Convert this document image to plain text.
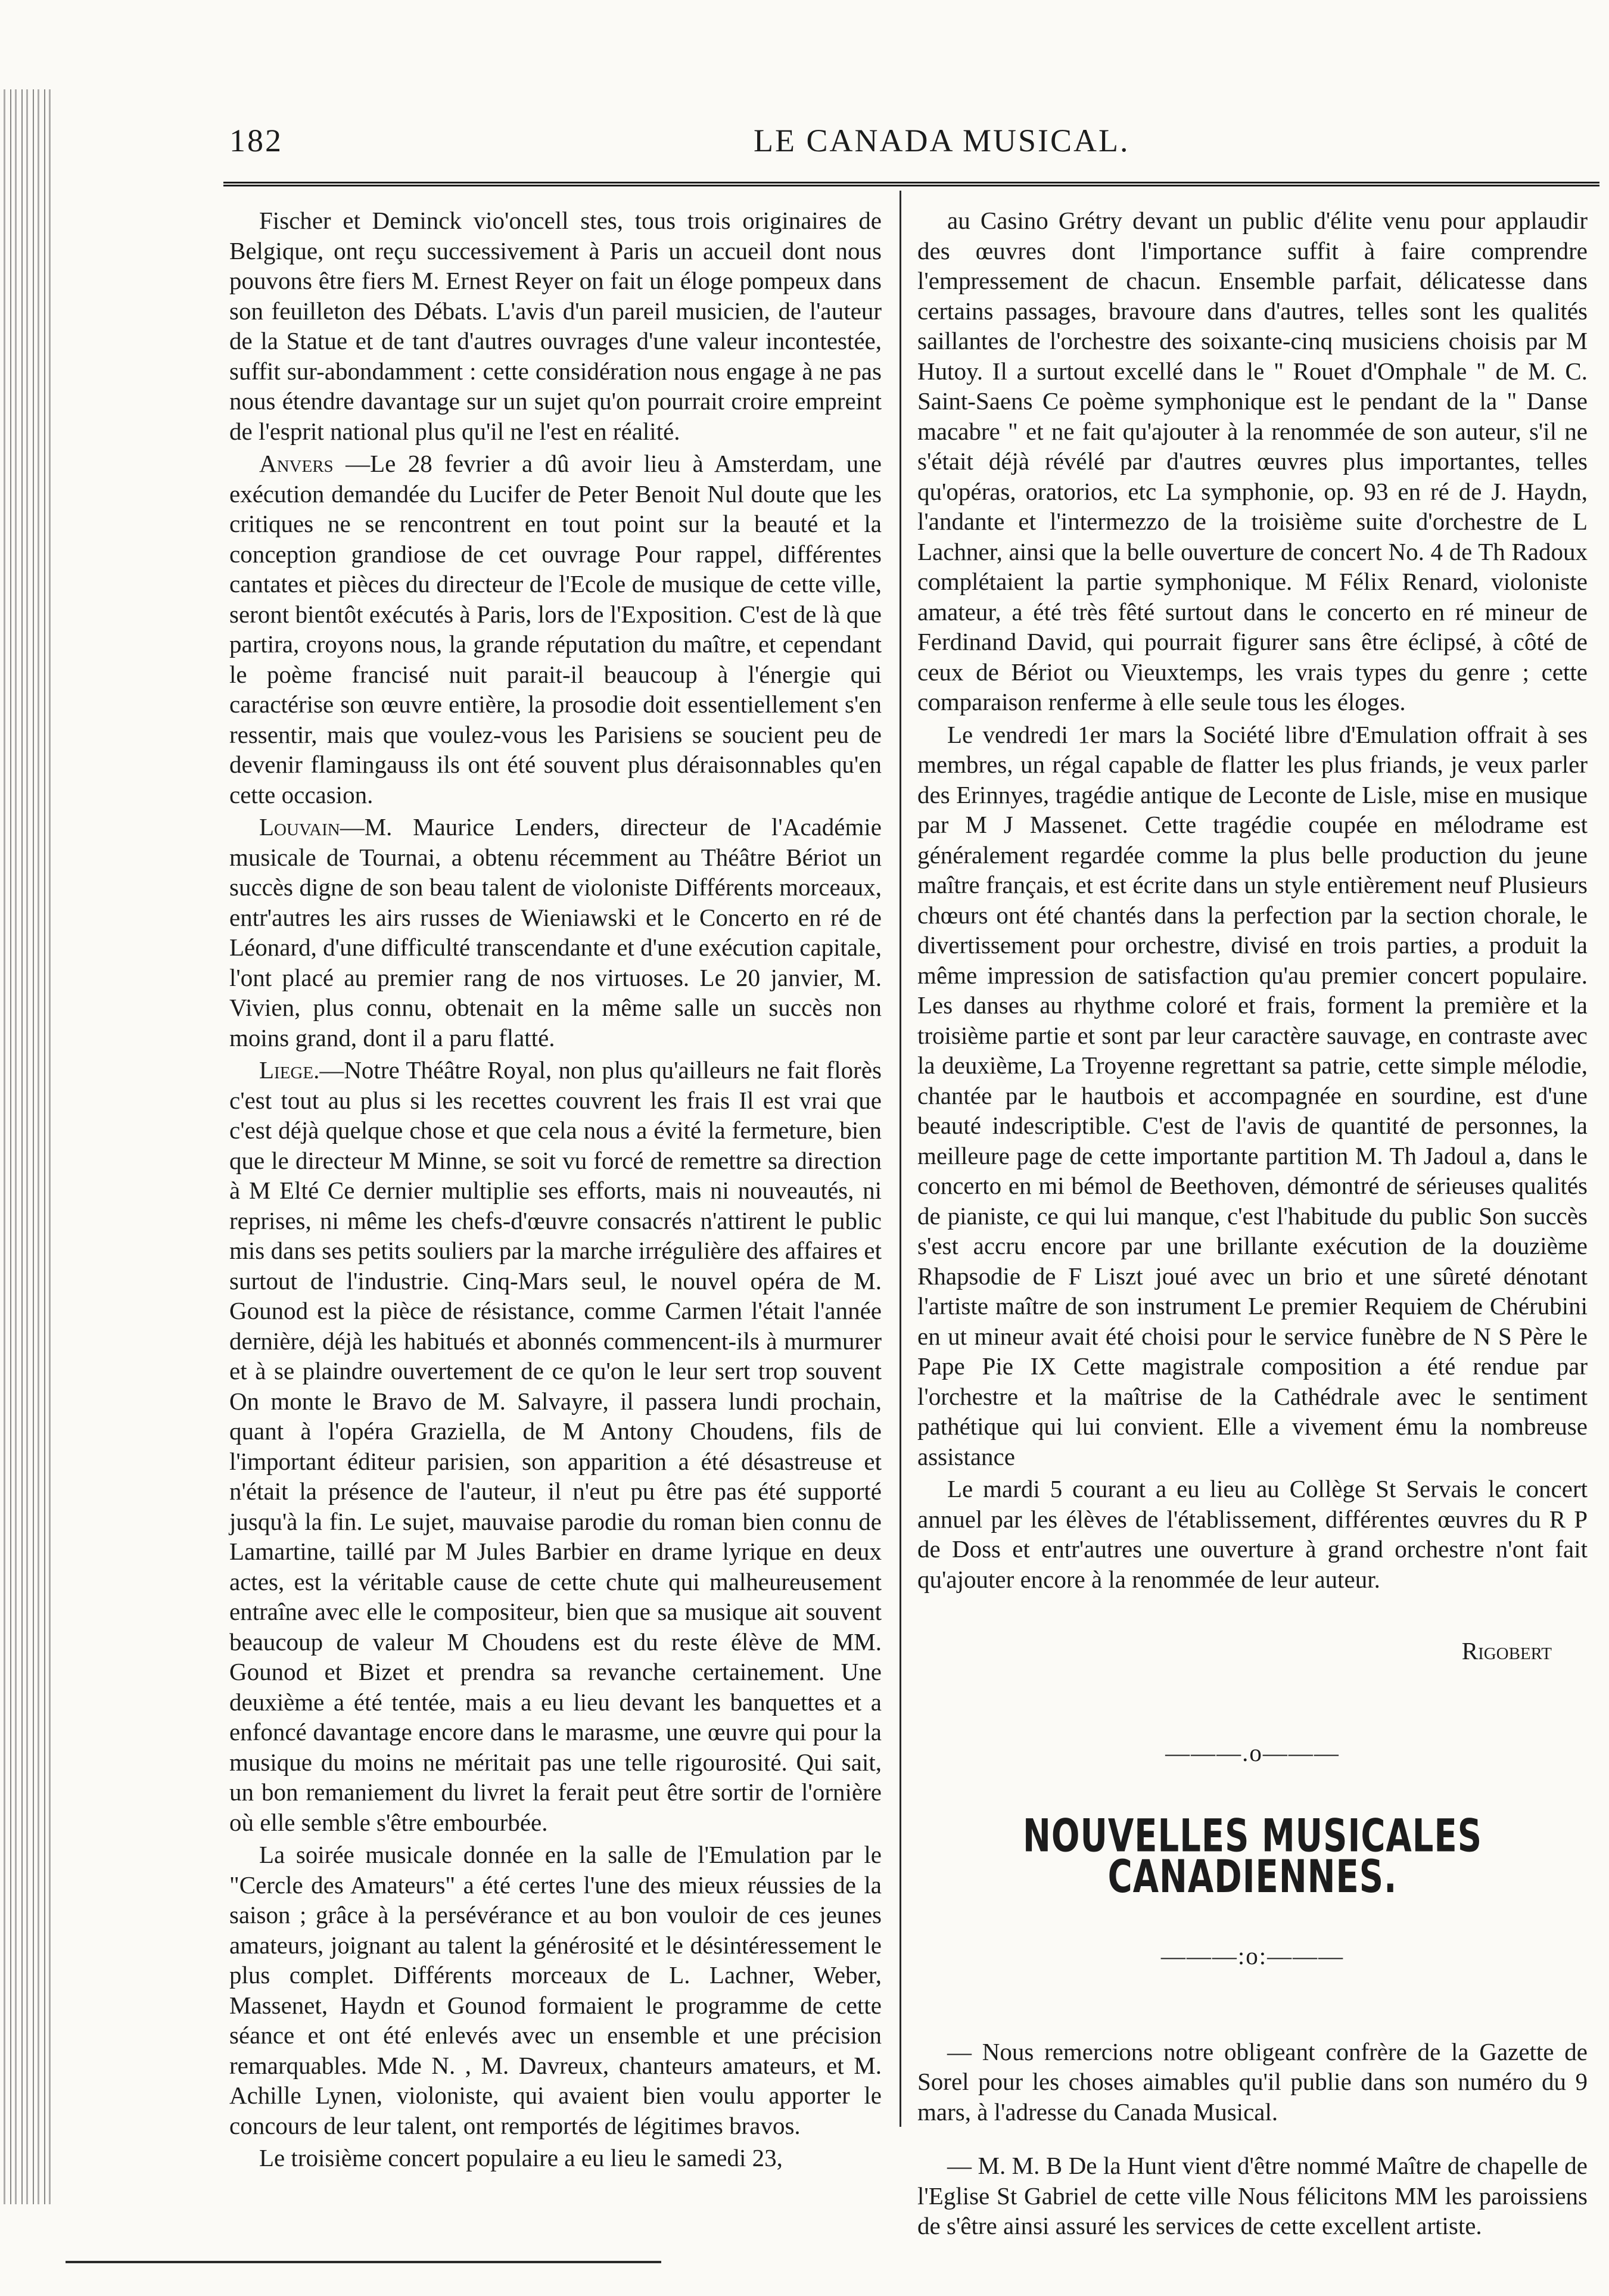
182	LE CANADA MUSICAL.

Fischer et Deminck vio'oncell stes, tous trois originaires de Belgique, ont reçu successivement à Paris un accueil dont nous pouvons être fiers M. Ernest Reyer on fait un éloge pompeux dans son feuilleton des Débats. L'avis d'un pareil musicien, de l'auteur de la Statue et de tant d'autres ouvrages d'une valeur incontestée, suffit sur-abondamment : cette considération nous engage à ne pas nous étendre davantage sur un sujet qu'on pourrait croire empreint de l'esprit national plus qu'il ne l'est en réalité.

Anvers —Le 28 fevrier a dû avoir lieu à Amsterdam, une exécution demandée du Lucifer de Peter Benoit Nul doute que les critiques ne se rencontrent en tout point sur la beauté et la conception grandiose de cet ouvrage Pour rappel, différentes cantates et pièces du directeur de l'Ecole de musique de cette ville, seront bientôt exécutés à Paris, lors de l'Exposition. C'est de là que partira, croyons nous, la grande réputation du maître, et cependant le poème francisé nuit parait-il beaucoup à l'énergie qui caractérise son œuvre entière, la prosodie doit essentiellement s'en ressentir, mais que voulez-vous les Parisiens se soucient peu de devenir flamingauss ils ont été souvent plus déraisonnables qu'en cette occasion.

Louvain—M. Maurice Lenders, directeur de l'Académie musicale de Tournai, a obtenu récemment au Théâtre Bériot un succès digne de son beau talent de violoniste Différents morceaux, entr'autres les airs russes de Wieniawski et le Concerto en ré de Léonard, d'une difficulté transcendante et d'une exécution capitale, l'ont placé au premier rang de nos virtuoses. Le 20 janvier, M. Vivien, plus connu, obtenait en la même salle un succès non moins grand, dont il a paru flatté.

Liege.—Notre Théâtre Royal, non plus qu'ailleurs ne fait florès c'est tout au plus si les recettes couvrent les frais Il est vrai que c'est déjà quelque chose et que cela nous a évité la fermeture, bien que le directeur M Minne, se soit vu forcé de remettre sa direction à M Elté Ce dernier multiplie ses efforts, mais ni nouveautés, ni reprises, ni même les chefs-d'œuvre consacrés n'attirent le public mis dans ses petits souliers par la marche irrégulière des affaires et surtout de l'industrie. Cinq-Mars seul, le nouvel opéra de M. Gounod est la pièce de résistance, comme Carmen l'était l'année dernière, déjà les habitués et abonnés commencent-ils à murmurer et à se plaindre ouvertement de ce qu'on le leur sert trop souvent On monte le Bravo de M. Salvayre, il passera lundi prochain, quant à l'opéra Graziella, de M Antony Choudens, fils de l'important éditeur parisien, son apparition a été désastreuse et n'était la présence de l'auteur, il n'eut pu être pas été supporté jusqu'à la fin. Le sujet, mauvaise parodie du roman bien connu de Lamartine, taillé par M Jules Barbier en drame lyrique en deux actes, est la véritable cause de cette chute qui malheureusement entraîne avec elle le compositeur, bien que sa musique ait souvent beaucoup de valeur M Choudens est du reste élève de MM. Gounod et Bizet et prendra sa revanche certainement. Une deuxième a été tentée, mais a eu lieu devant les banquettes et a enfoncé davantage encore dans le marasme, une œuvre qui pour la musique du moins ne méritait pas une telle rigourosité. Qui sait, un bon remaniement du livret la ferait peut être sortir de l'ornière où elle semble s'être embourbée.

La soirée musicale donnée en la salle de l'Emulation par le "Cercle des Amateurs" a été certes l'une des mieux réussies de la saison ; grâce à la persévérance et au bon vouloir de ces jeunes amateurs, joignant au talent la générosité et le désintéressement le plus complet. Différents morceaux de L. Lachner, Weber, Massenet, Haydn et Gounod formaient le programme de cette séance et ont été enlevés avec un ensemble et une précision remarquables. Mde N. , M. Davreux, chanteurs amateurs, et M. Achille Lynen, violoniste, qui avaient bien voulu apporter le concours de leur talent, ont remportés de légitimes bravos.

Le troisième concert populaire a eu lieu le samedi 23,

au Casino Grétry devant un public d'élite venu pour applaudir des œuvres dont l'importance suffit à faire comprendre l'empressement de chacun. Ensemble parfait, délicatesse dans certains passages, bravoure dans d'autres, telles sont les qualités saillantes de l'orchestre des soixante-cinq musiciens choisis par M Hutoy. Il a surtout excellé dans le " Rouet d'Omphale " de M. C. Saint-Saens Ce poème symphonique est le pendant de la " Danse macabre " et ne fait qu'ajouter à la renommée de son auteur, s'il ne s'était déjà révélé par d'autres œuvres plus importantes, telles qu'opéras, oratorios, etc La symphonie, op. 93 en ré de J. Haydn, l'andante et l'intermezzo de la troisième suite d'orchestre de L Lachner, ainsi que la belle ouverture de concert No. 4 de Th Radoux complétaient la partie symphonique. M Félix Renard, violoniste amateur, a été très fêté surtout dans le concerto en ré mineur de Ferdinand David, qui pourrait figurer sans être éclipsé, à côté de ceux de Bériot ou Vieuxtemps, les vrais types du genre ; cette comparaison renferme à elle seule tous les éloges.

Le vendredi 1er mars la Société libre d'Emulation offrait à ses membres, un régal capable de flatter les plus friands, je veux parler des Erinnyes, tragédie antique de Leconte de Lisle, mise en musique par M J Massenet. Cette tragédie coupée en mélodrame est généralement regardée comme la plus belle production du jeune maître français, et est écrite dans un style entièrement neuf Plusieurs chœurs ont été chantés dans la perfection par la section chorale, le divertissement pour orchestre, divisé en trois parties, a produit la même impression de satisfaction qu'au premier concert populaire. Les danses au rhythme coloré et frais, forment la première et la troisième partie et sont par leur caractère sauvage, en contraste avec la deuxième, La Troyenne regrettant sa patrie, cette simple mélodie, chantée par le hautbois et accompagnée en sourdine, est d'une beauté indescriptible. C'est de l'avis de quantité de personnes, la meilleure page de cette importante partition M. Th Jadoul a, dans le concerto en mi bémol de Beethoven, démontré de sérieuses qualités de pianiste, ce qui lui manque, c'est l'habitude du public Son succès s'est accru encore par une brillante exécution de la douzième Rhapsodie de F Liszt joué avec un brio et une sûreté dénotant l'artiste maître de son instrument Le premier Requiem de Chérubini en ut mineur avait été choisi pour le service funèbre de N S Père le Pape Pie IX Cette magistrale composition a été rendue par l'orchestre et la maîtrise de la Cathédrale avec le sentiment pathétique qui lui convient. Elle a vivement ému la nombreuse assistance

Le mardi 5 courant a eu lieu au Collège St Servais le concert annuel par les élèves de l'établissement, différentes œuvres du R P de Doss et entr'autres une ouverture à grand orchestre n'ont fait qu'ajouter encore à la renommée de leur auteur.

Rigobert
———.o———
NOUVELLES MUSICALES CANADIENNES.
———:o:———

— Nous remercions notre obligeant confrère de la Gazette de Sorel pour les choses aimables qu'il publie dans son numéro du 9 mars, à l'adresse du Canada Musical.

— M. M. B De la Hunt vient d'être nommé Maître de chapelle de l'Eglise St Gabriel de cette ville Nous félicitons MM les paroissiens de s'être ainsi assuré les services de cette excellent artiste.
